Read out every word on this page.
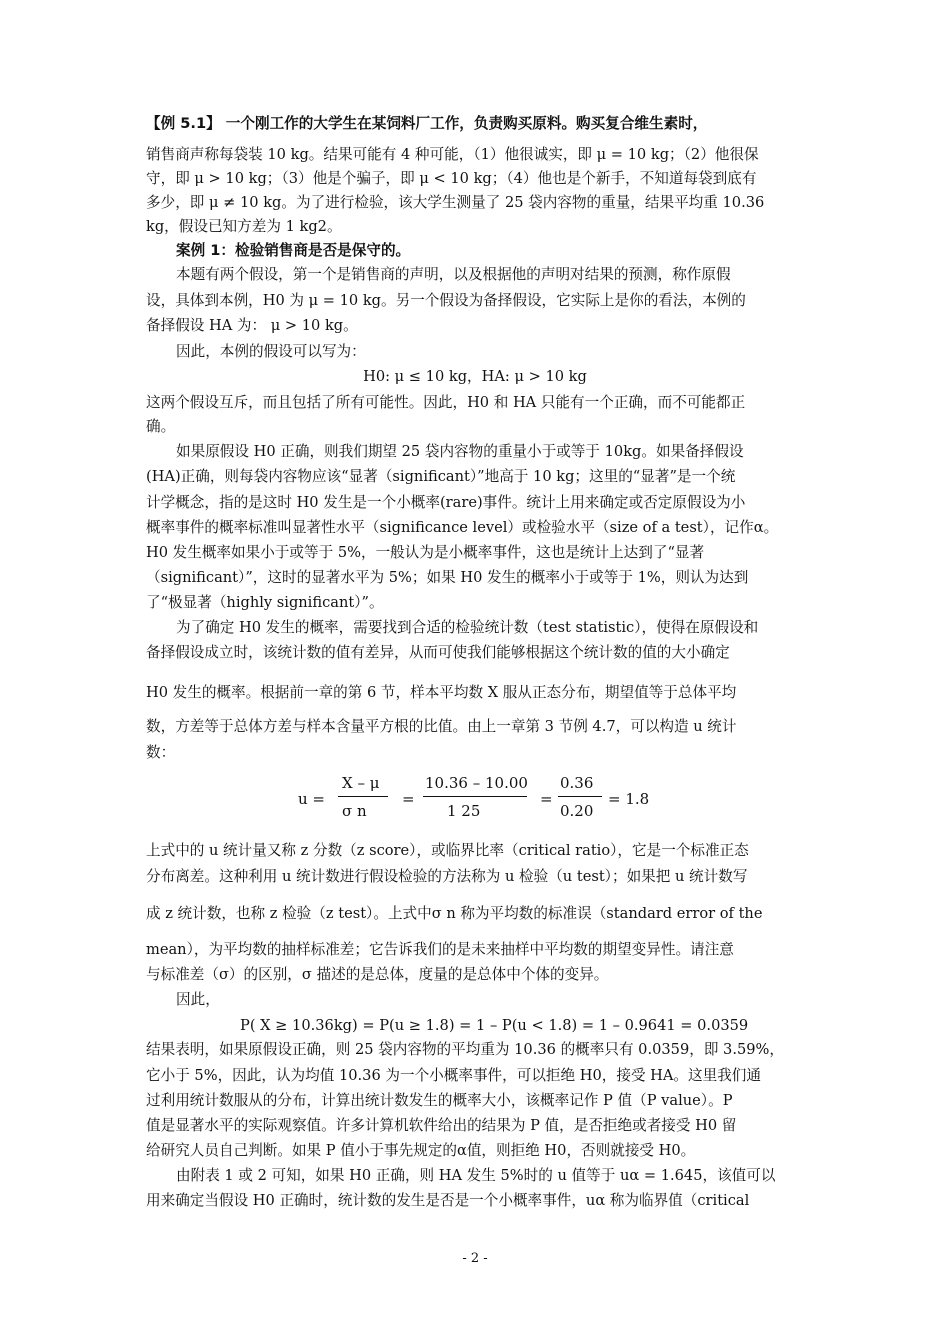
【例 5.1】 一个刚工作的大学生在某饲料厂工作，负责购买原料。购买复合维生素时，
销售商声称每袋装 10 kg。结果可能有 4 种可能，（1）他很诚实，即 μ = 10 kg；（2）他很保
守，即 μ > 10 kg；（3）他是个骗子，即 μ < 10 kg；（4）他也是个新手，不知道每袋到底有
多少，即 μ ≠ 10 kg。为了进行检验，该大学生测量了 25 袋内容物的重量，结果平均重 10.36
kg，假设已知方差为 1 kg2。
案例 1：检验销售商是否是保守的。
本题有两个假设，第一个是销售商的声明，以及根据他的声明对结果的预测，称作原假
设，具体到本例，H0 为 μ = 10 kg。另一个假设为备择假设，它实际上是你的看法，本例的
备择假设 HA 为： μ > 10 kg。
因此，本例的假设可以写为：
H0: μ ≤ 10 kg，HA: μ > 10 kg
这两个假设互斥，而且包括了所有可能性。因此，H0 和 HA 只能有一个正确，而不可能都正
确。
如果原假设 H0 正确，则我们期望 25 袋内容物的重量小于或等于 10kg。如果备择假设
(HA)正确，则每袋内容物应该“显著（significant）”地高于 10 kg；这里的“显著”是一个统
计学概念，指的是这时 H0 发生是一个小概率(rare)事件。统计上用来确定或否定原假设为小
概率事件的概率标准叫显著性水平（significance level）或检验水平（size of a test），记作α。
H0 发生概率如果小于或等于 5%，一般认为是小概率事件，这也是统计上达到了“显著
（significant）”，这时的显著水平为 5%；如果 H0 发生的概率小于或等于 1%，则认为达到
了“极显著（highly significant）”。
为了确定 H0 发生的概率，需要找到合适的检验统计数（test statistic），使得在原假设和
备择假设成立时，该统计数的值有差异，从而可使我们能够根据这个统计数的值的大小确定
H0 发生的概率。根据前一章的第 6 节，样本平均数 X 服从正态分布，期望值等于总体平均
数，方差等于总体方差与样本含量平方根的比值。由上一章第 3 节例 4.7，可以构造 u 统计
数：
u =
X – μ
σ n
=
10.36 – 10.00
1 25
=
0.36
0.20
= 1.8
上式中的 u 统计量又称 z 分数（z score），或临界比率（critical ratio），它是一个标准正态
分布离差。这种利用 u 统计数进行假设检验的方法称为 u 检验（u test）；如果把 u 统计数写
成 z 统计数，也称 z 检验（z test）。上式中σ n 称为平均数的标准误（standard error of the
mean），为平均数的抽样标准差；它告诉我们的是未来抽样中平均数的期望变异性。请注意
与标准差（σ）的区别，σ 描述的是总体，度量的是总体中个体的变异。
因此，
P( X ≥ 10.36kg) = P(u ≥ 1.8) = 1 – P(u < 1.8) = 1 – 0.9641 = 0.0359
结果表明，如果原假设正确，则 25 袋内容物的平均重为 10.36 的概率只有 0.0359，即 3.59%，
它小于 5%，因此，认为均值 10.36 为一个小概率事件，可以拒绝 H0，接受 HA。这里我们通
过利用统计数服从的分布，计算出统计数发生的概率大小，该概率记作 P 值（P value）。P
值是显著水平的实际观察值。许多计算机软件给出的结果为 P 值，是否拒绝或者接受 H0 留
给研究人员自己判断。如果 P 值小于事先规定的α值，则拒绝 H0，否则就接受 H0。
由附表 1 或 2 可知，如果 H0 正确，则 HA 发生 5%时的 u 值等于 uα = 1.645，该值可以
用来确定当假设 H0 正确时，统计数的发生是否是一个小概率事件，uα 称为临界值（critical
- 2 -
